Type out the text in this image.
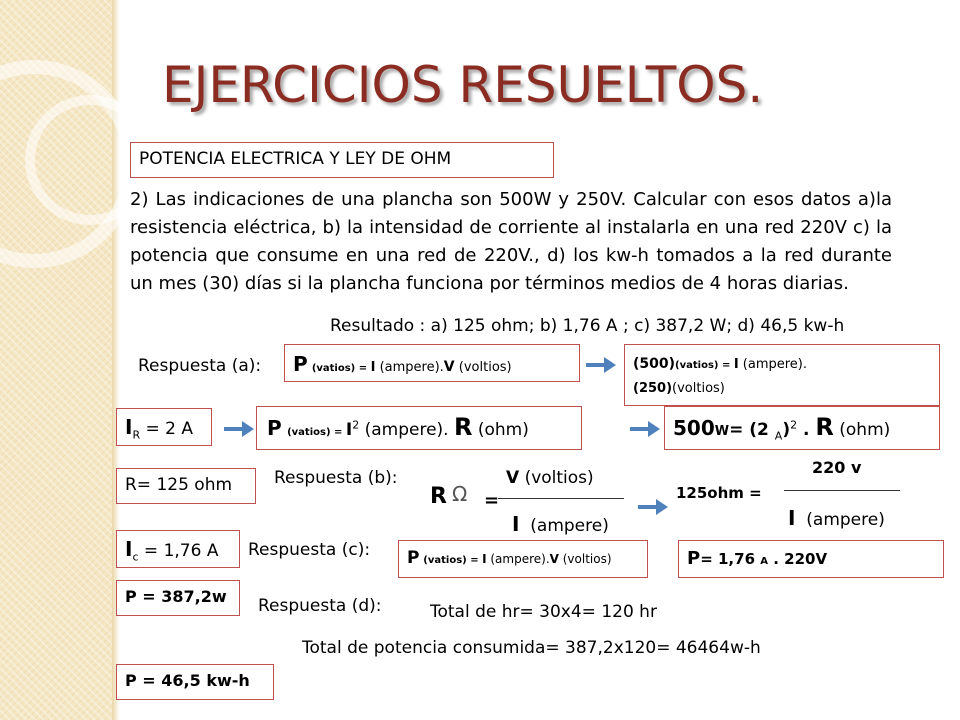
EJERCICIOS RESUELTOS.
POTENCIA ELECTRICA Y LEY DE OHM
2) Las indicaciones de una plancha son 500W y 250V. Calcular con esos datos a)la resistencia eléctrica, b) la intensidad de corriente al instalarla en una red 220V c) la potencia que consume en una red de 220V., d) los kw-h tomados a la red durante un mes (30) días si la plancha funciona por términos medios de 4 horas diarias.
Resultado : a) 125 ohm; b) 1,76 A ; c) 387,2 W; d) 46,5 kw-h
Respuesta (a):	P (vatios) = I (ampere).V (voltios)	(500)(vatios) = I (ampere).
(250)(voltios)
$I_R = 2$ A	P (vatios) = $I^2$ (ampere). R (ohm)	500W= (2 $_A$)$^2$ . R (ohm)
R= 125 ohm	Respuesta (b):
R Ω =
V (voltios)
I (ampere)
125ohm =
220 v
I (ampere)
$I_c = 1,76$ A	Respuesta (c):	P (vatios) = I (ampere).V (voltios)	P= 1,76 A . 220V
P = 387,2w	Respuesta (d):	Total de hr= 30x4= 120 hr
Total de potencia consumida= 387,2x120= 46464w-h
P = 46,5 kw-h
